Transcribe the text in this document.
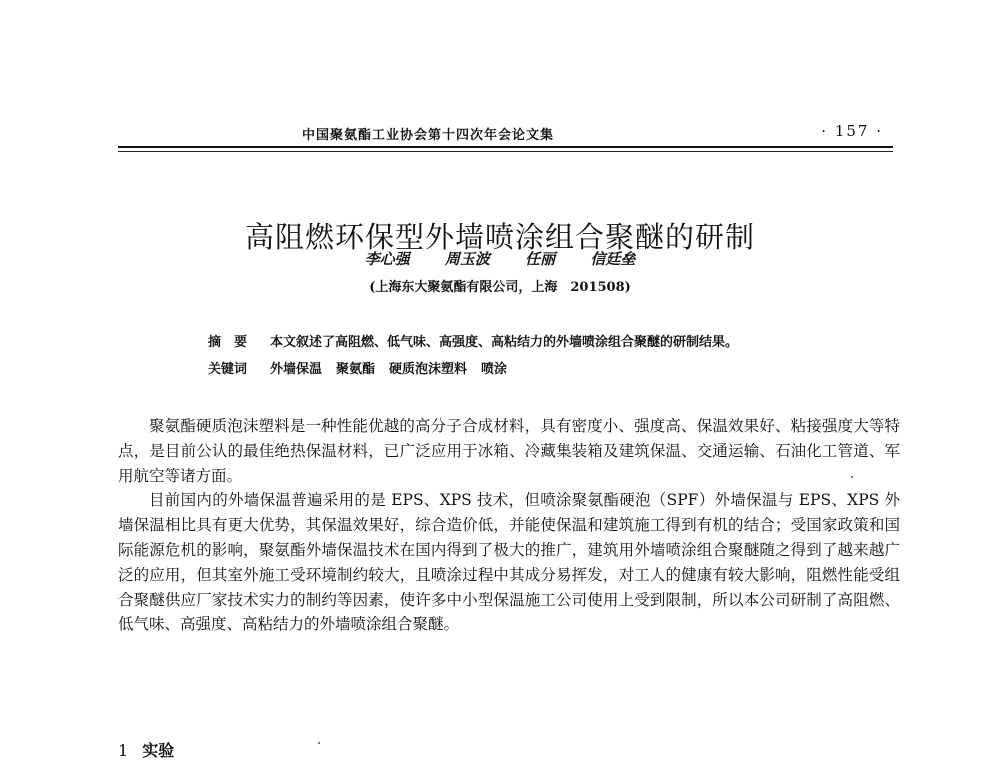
中国聚氨酯工业协会第十四次年会论文集	· 157 ·
高阻燃环保型外墙喷涂组合聚醚的研制
李心强 周玉波 任丽 信廷垒
(上海东大聚氨酯有限公司，上海　201508)
摘　要 本文叙述了高阻燃、低气味、高强度、高粘结力的外墙喷涂组合聚醚的研制结果。
关键词 外墙保温 聚氨酯 硬质泡沫塑料 喷涂

聚氨酯硬质泡沫塑料是一种性能优越的高分子合成材料，具有密度小、强度高、保温效果好、粘接强度大等特点，是目前公认的最佳绝热保温材料，已广泛应用于冰箱、冷藏集装箱及建筑保温、交通运输、石油化工管道、军用航空等诸方面。

目前国内的外墙保温普遍采用的是 EPS、XPS 技术，但喷涂聚氨酯硬泡（SPF）外墙保温与 EPS、XPS 外墙保温相比具有更大优势，其保温效果好，综合造价低，并能使保温和建筑施工得到有机的结合；受国家政策和国际能源危机的影响，聚氨酯外墙保温技术在国内得到了极大的推广，建筑用外墙喷涂组合聚醚随之得到了越来越广泛的应用，但其室外施工受环境制约较大，且喷涂过程中其成分易挥发，对工人的健康有较大影响，阻燃性能受组合聚醚供应厂家技术实力的制约等因素，使许多中小型保温施工公司使用上受到限制，所以本公司研制了高阻燃、低气味、高强度、高粘结力的外墙喷涂组合聚醚。

1 实验
